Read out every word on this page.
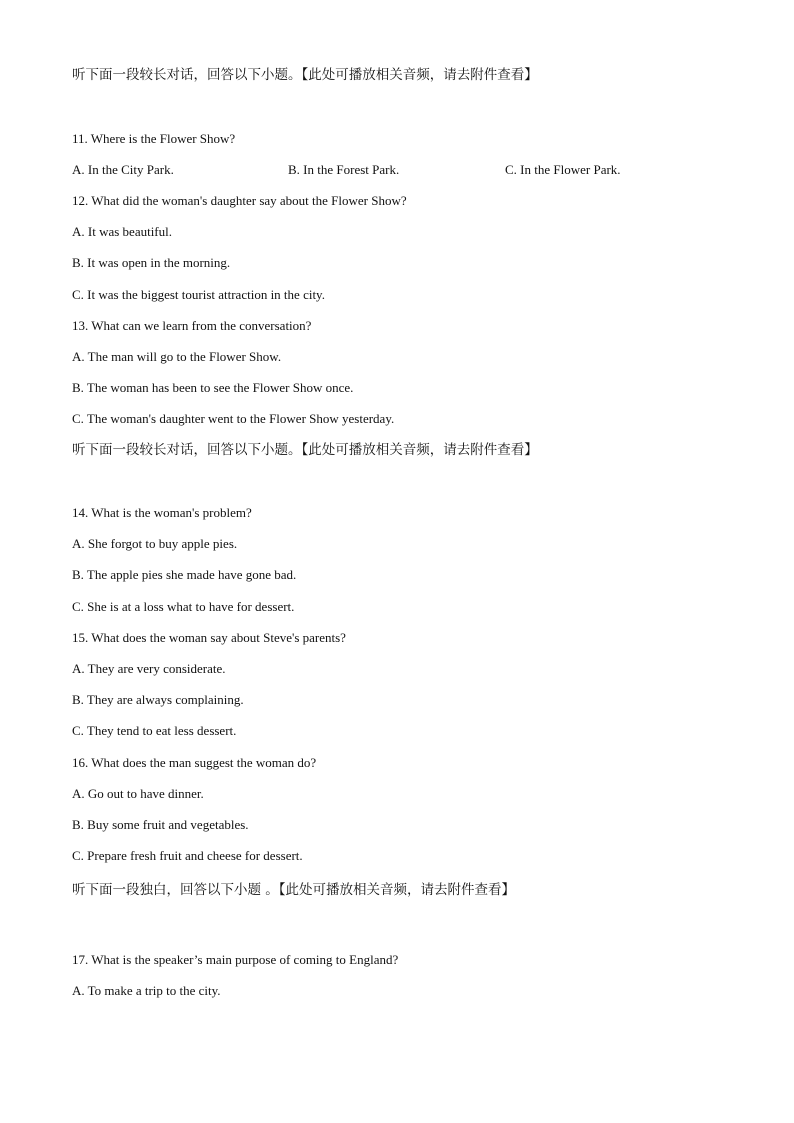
听下面一段较长对话，回答以下小题。【此处可播放相关音频，请去附件查看】
11. Where is the Flower Show?
A. In the City Park.	B. In the Forest Park.	C. In the Flower Park.
12. What did the woman's daughter say about the Flower Show?
A. It was beautiful.
B. It was open in the morning.
C. It was the biggest tourist attraction in the city.
13. What can we learn from the conversation?
A. The man will go to the Flower Show.
B. The woman has been to see the Flower Show once.
C. The woman's daughter went to the Flower Show yesterday.
听下面一段较长对话，回答以下小题。【此处可播放相关音频，请去附件查看】
14. What is the woman's problem?
A. She forgot to buy apple pies.
B. The apple pies she made have gone bad.
C. She is at a loss what to have for dessert.
15. What does the woman say about Steve's parents?
A. They are very considerate.
B. They are always complaining.
C. They tend to eat less dessert.
16. What does the man suggest the woman do?
A. Go out to have dinner.
B. Buy some fruit and vegetables.
C. Prepare fresh fruit and cheese for dessert.
听下面一段独白，回答以下小题 。【此处可播放相关音频，请去附件查看】
17. What is the speaker’s main purpose of coming to England?
A. To make a trip to the city.
